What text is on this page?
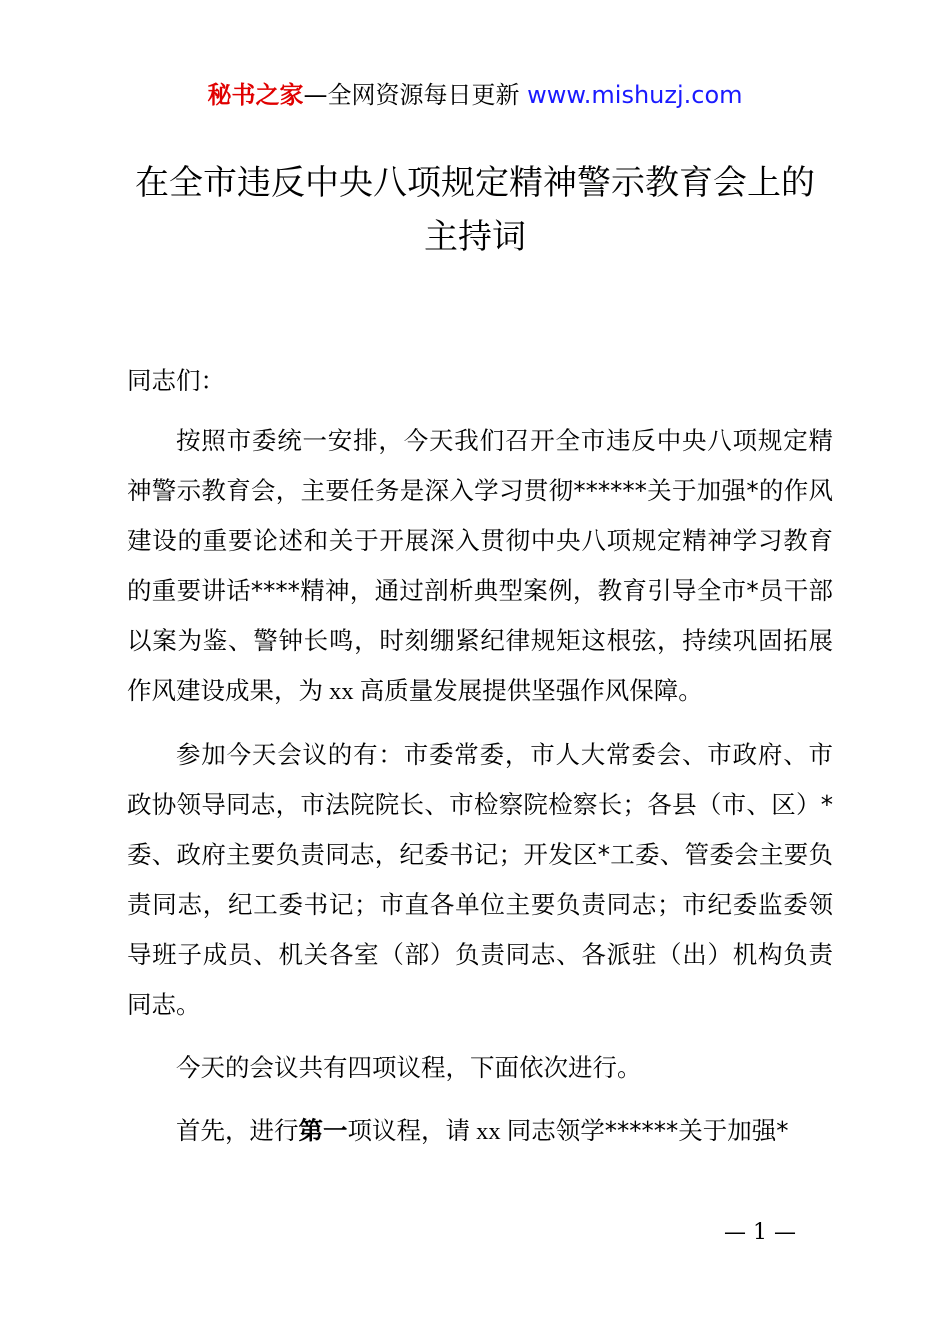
秘书之家—全网资源每日更新 www.mishuzj.com
在全市违反中央八项规定精神警示教育会上的
主持词

同志们：

按照市委统一安排，今天我们召开全市违反中央八项规定精神警示教育会，主要任务是深入学习贯彻******关于加强*的作风建设的重要论述和关于开展深入贯彻中央八项规定精神学习教育的重要讲话****精神，通过剖析典型案例，教育引导全市*员干部以案为鉴、警钟长鸣，时刻绷紧纪律规矩这根弦，持续巩固拓展作风建设成果，为 xx 高质量发展提供坚强作风保障。

参加今天会议的有：市委常委，市人大常委会、市政府、市政协领导同志，市法院院长、市检察院检察长；各县（市、区）*委、政府主要负责同志，纪委书记；开发区*工委、管委会主要负责同志，纪工委书记；市直各单位主要负责同志；市纪委监委领导班子成员、机关各室（部）负责同志、各派驻（出）机构负责同志。

今天的会议共有四项议程，下面依次进行。

首先，进行第一项议程，请 xx 同志领学******关于加强*

— 1 —
